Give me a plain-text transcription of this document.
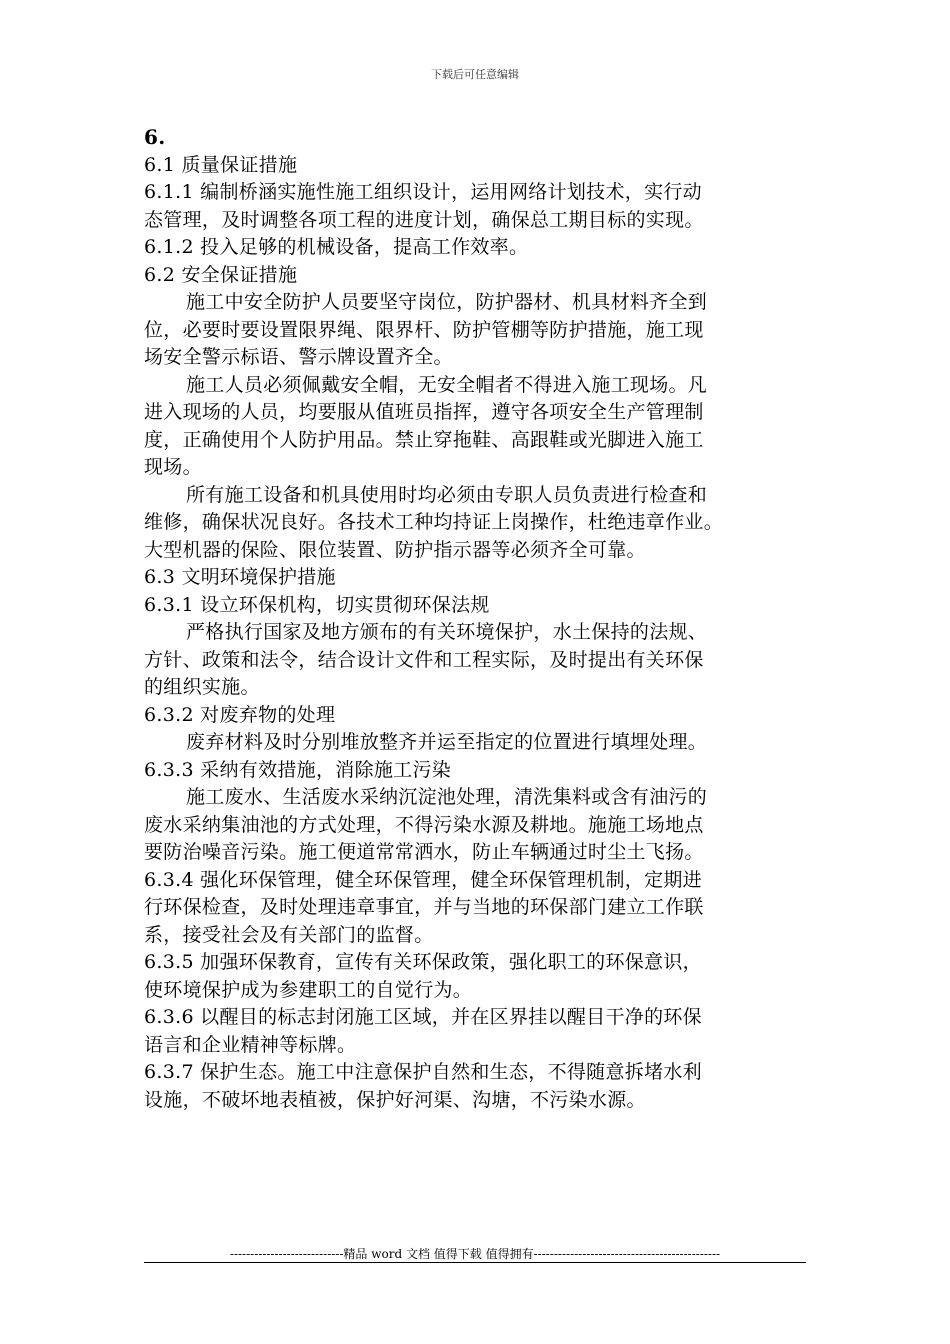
下载后可任意编辑
6.
6.1 质量保证措施
6.1.1 编制桥涵实施性施工组织设计，运用网络计划技术，实行动
态管理，及时调整各项工程的进度计划，确保总工期目标的实现。
6.1.2 投入足够的机械设备，提高工作效率。
6.2 安全保证措施
施工中安全防护人员要坚守岗位，防护器材、机具材料齐全到
位，必要时要设置限界绳、限界杆、防护管棚等防护措施，施工现
场安全警示标语、警示牌设置齐全。
施工人员必须佩戴安全帽，无安全帽者不得进入施工现场。凡
进入现场的人员，均要服从值班员指挥，遵守各项安全生产管理制
度，正确使用个人防护用品。禁止穿拖鞋、高跟鞋或光脚进入施工
现场。
所有施工设备和机具使用时均必须由专职人员负责进行检查和
维修，确保状况良好。各技术工种均持证上岗操作，杜绝违章作业。
大型机器的保险、限位装置、防护指示器等必须齐全可靠。
6.3 文明环境保护措施
6.3.1 设立环保机构，切实贯彻环保法规
严格执行国家及地方颁布的有关环境保护，水土保持的法规、
方针、政策和法令，结合设计文件和工程实际，及时提出有关环保
的组织实施。
6.3.2 对废弃物的处理
废弃材料及时分别堆放整齐并运至指定的位置进行填埋处理。
6.3.3 采纳有效措施，消除施工污染
施工废水、生活废水采纳沉淀池处理，清洗集料或含有油污的
废水采纳集油池的方式处理，不得污染水源及耕地。施施工场地点
要防治噪音污染。施工便道常常洒水，防止车辆通过时尘土飞扬。
6.3.4 强化环保管理，健全环保管理，健全环保管理机制，定期进
行环保检查，及时处理违章事宜，并与当地的环保部门建立工作联
系，接受社会及有关部门的监督。
6.3.5 加强环保教育，宣传有关环保政策，强化职工的环保意识，
使环境保护成为参建职工的自觉行为。
6.3.6 以醒目的标志封闭施工区域，并在区界挂以醒目干净的环保
语言和企业精神等标牌。
6.3.7 保护生态。施工中注意保护自然和生态，不得随意拆堵水利
设施，不破坏地表植被，保护好河渠、沟塘，不污染水源。
----------------------------精品 word 文档 值得下载 值得拥有----------------------------------------------
